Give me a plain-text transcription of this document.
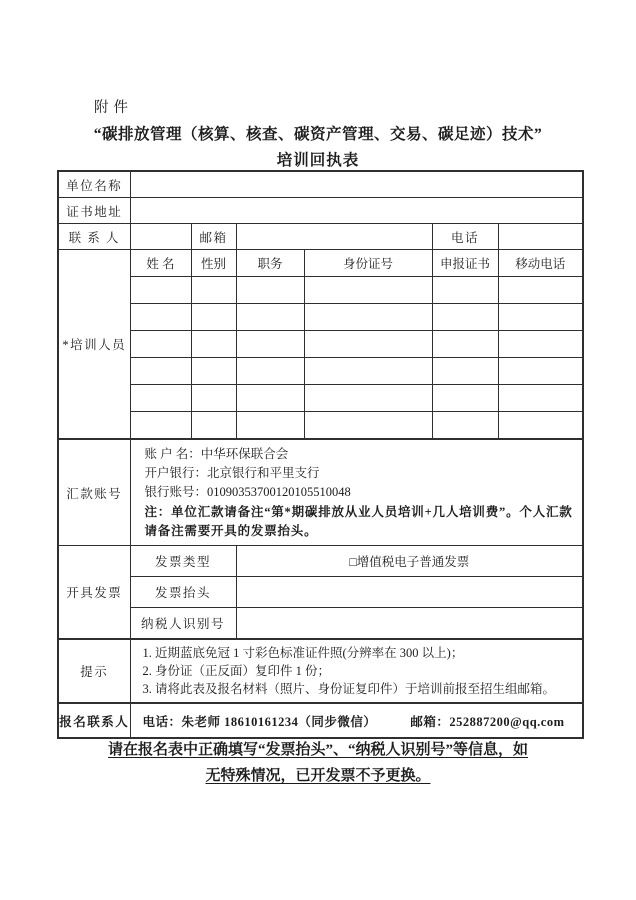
附件
“碳排放管理（核算、核查、碳资产管理、交易、碳足迹）技术”
培训回执表
单位名称						
证书地址						
联 系 人		邮箱			电话	
*培训人员	姓 名	性别	职务	身份证号	申报证书	移动电话

汇款账号	账 户 名：中华环保联合会
开户银行：北京银行和平里支行
银行账号：01090353700120105510048
注：单位汇款请备注“第*期碳排放从业人员培训+几人培训费”。个人汇款请备注需要开具的发票抬头。					

开具发票	发票类型		□增值税电子普通发票			
	发票抬头					
	纳税人识别号					
提示	1. 近期蓝底免冠 1 寸彩色标准证件照(分辨率在 300 以上)；
2. 身份证（正反面）复印件 1 份；
3. 请将此表及报名材料（照片、身份证复印件）于培训前报至招生组邮箱。					

报名联系人	电话：朱老师 18610161234（同步微信） 邮箱：252887200@qq.com					
请在报名表中正确填写“发票抬头”、“纳税人识别号”等信息，如
无特殊情况，已开发票不予更换。
